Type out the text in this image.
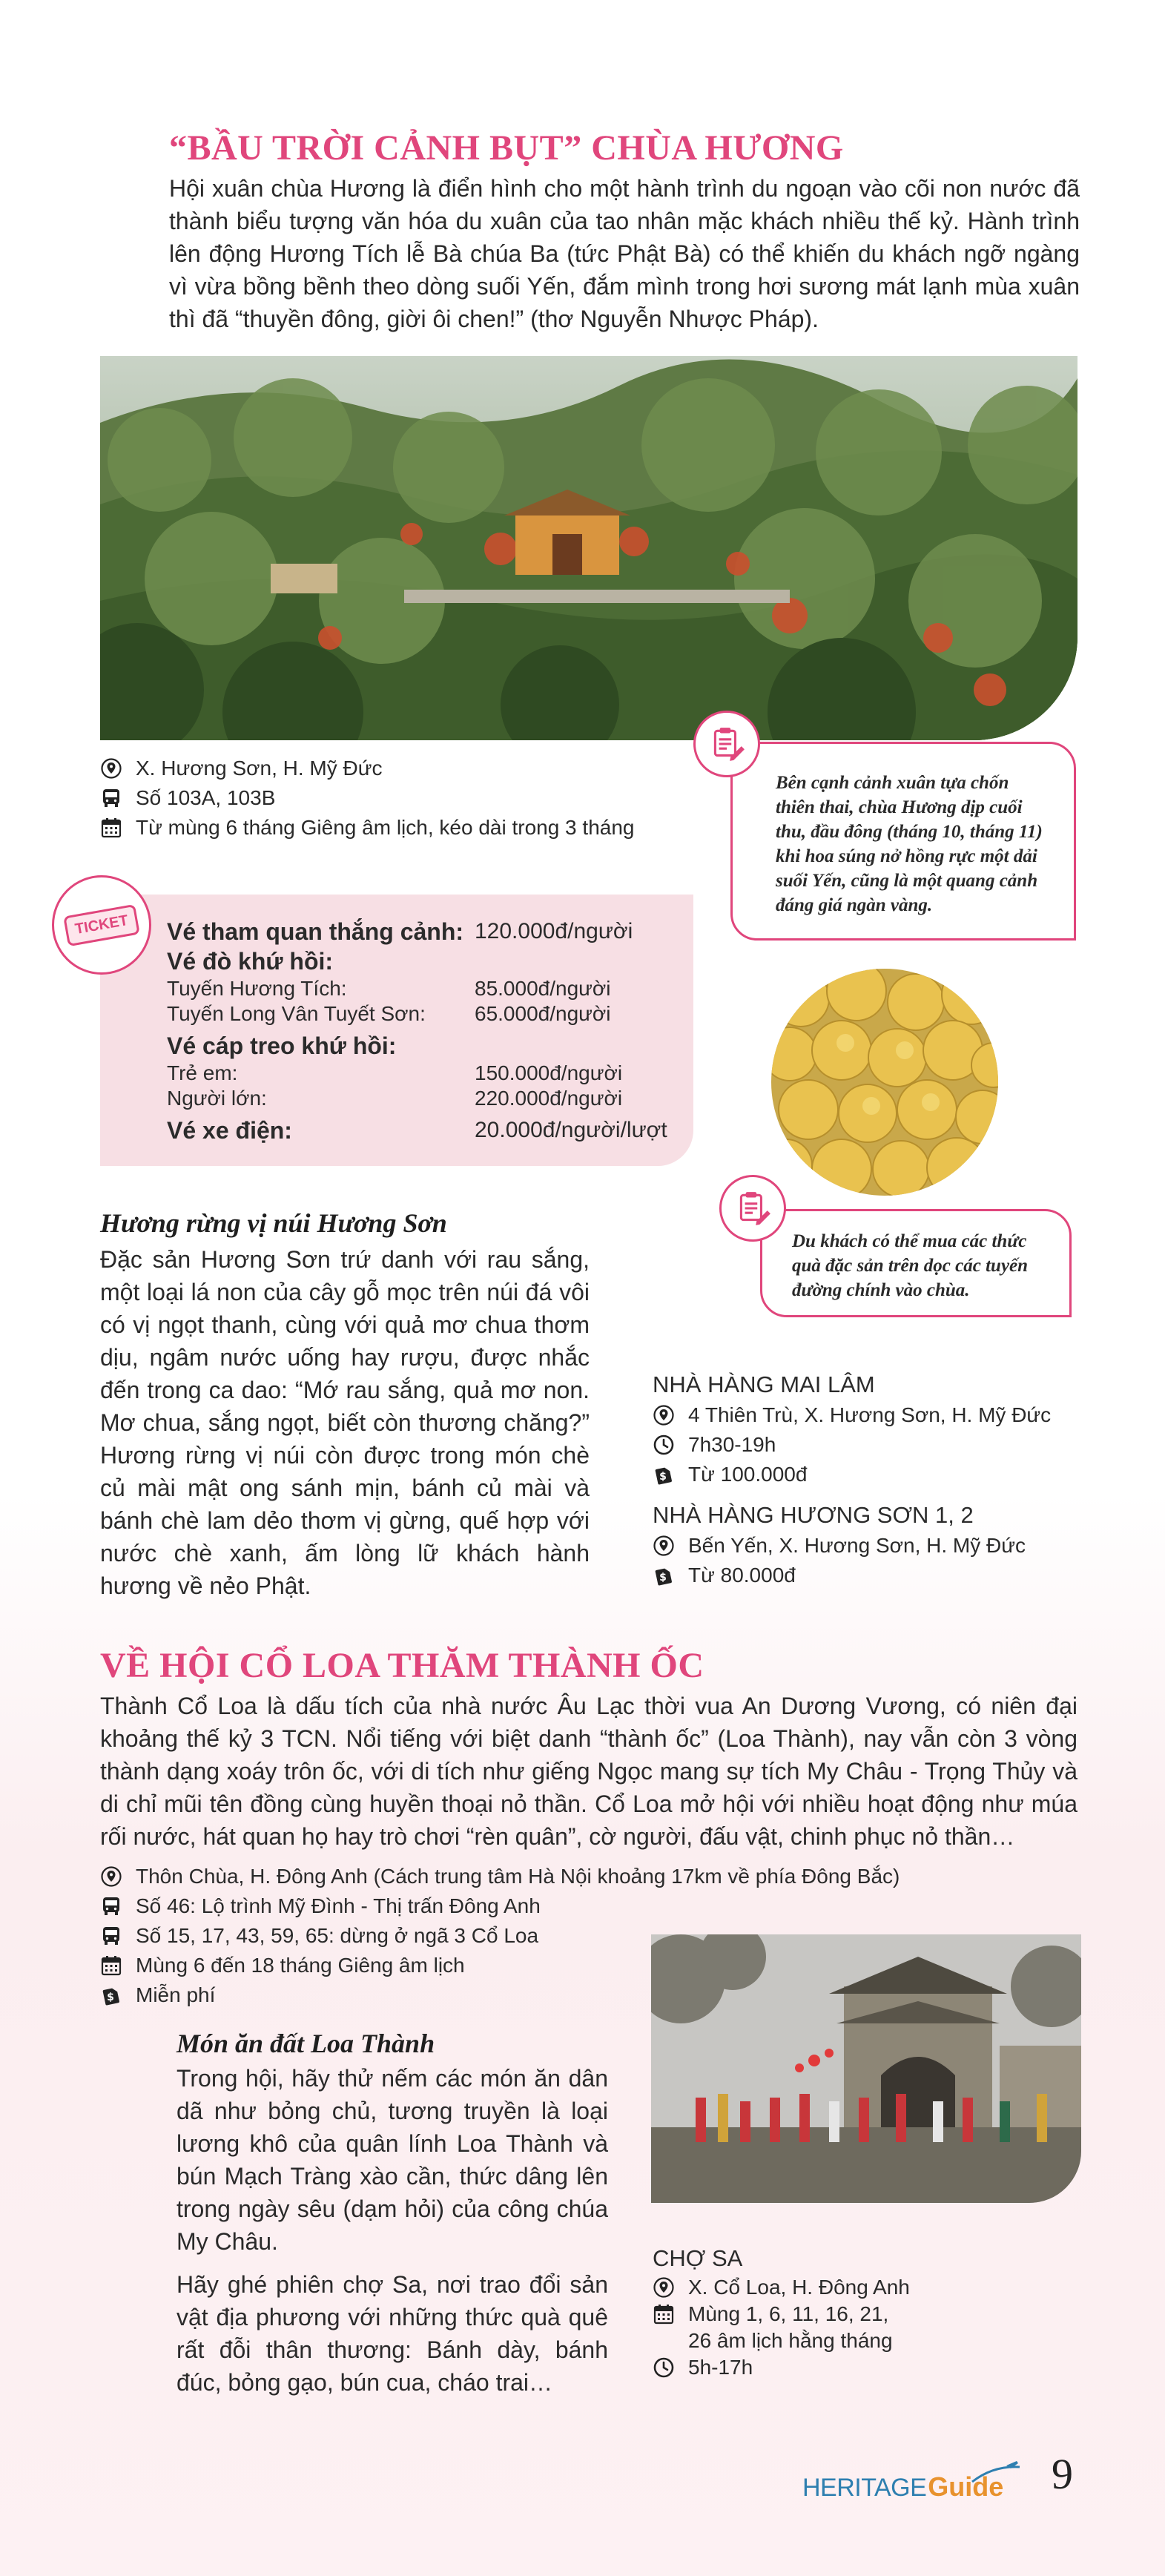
“BẦU TRỜI CẢNH BỤT” CHÙA HƯƠNG

Hội xuân chùa Hương là điển hình cho một hành trình du ngoạn vào cõi non nước đã thành biểu tượng văn hóa du xuân của tao nhân mặc khách nhiều thế kỷ. Hành trình lên động Hương Tích lễ Bà chúa Ba (tức Phật Bà) có thể khiến du khách ngỡ ngàng vì vừa bồng bềnh theo dòng suối Yến, đắm mình trong hơi sương mát lạnh mùa xuân thì đã “thuyền đông, giời ôi chen!” (thơ Nguyễn Nhược Pháp).

X. Hương Sơn, H. Mỹ Đức
Số 103A, 103B
Từ mùng 6 tháng Giêng âm lịch, kéo dài trong 3 tháng
Bên cạnh cảnh xuân tựa chốn thiên thai, chùa Hương dịp cuối thu, đầu đông (tháng 10, tháng 11) khi hoa súng nở hồng rực một dải suối Yến, cũng là một quang cảnh đáng giá ngàn vàng.
Vé tham quan thắng cảnh: 120.000đ/người
Vé đò khứ hồi:
Tuyến Hương Tích:	85.000đ/người
Tuyến Long Vân Tuyết Sơn:	65.000đ/người
Vé cáp treo khứ hồi:
Trẻ em:	150.000đ/người
Người lớn:	220.000đ/người
Vé xe điện:	20.000đ/người/lượt
TICKET
Du khách có thể mua các thức quà đặc sản trên dọc các tuyến đường chính vào chùa.
Hương rừng vị núi Hương Sơn

Đặc sản Hương Sơn trứ danh với rau sắng, một loại lá non của cây gỗ mọc trên núi đá vôi có vị ngọt thanh, cùng với quả mơ chua thơm dịu, ngâm nước uống hay rượu, được nhắc đến trong ca dao: “Mớ rau sắng, quả mơ non. Mơ chua, sắng ngọt, biết còn thương chăng?” Hương rừng vị núi còn được trong món chè củ mài mật ong sánh mịn, bánh củ mài và bánh chè lam dẻo thơm vị gừng, quế hợp với nước chè xanh, ấm lòng lữ khách hành hương về nẻo Phật.

NHÀ HÀNG MAI LÂM
4 Thiên Trù, X. Hương Sơn, H. Mỹ Đức
7h30-19h
Từ 100.000đ
NHÀ HÀNG HƯƠNG SƠN 1, 2
Bến Yến, X. Hương Sơn, H. Mỹ Đức
Từ 80.000đ
VỀ HỘI CỔ LOA THĂM THÀNH ỐC

Thành Cổ Loa là dấu tích của nhà nước Âu Lạc thời vua An Dương Vương, có niên đại khoảng thế kỷ 3 TCN. Nổi tiếng với biệt danh “thành ốc” (Loa Thành), nay vẫn còn 3 vòng thành dạng xoáy trôn ốc, với di tích như giếng Ngọc mang sự tích My Châu - Trọng Thủy và di chỉ mũi tên đồng cùng huyền thoại nỏ thần. Cổ Loa mở hội với nhiều hoạt động như múa rối nước, hát quan họ hay trò chơi “rèn quân”, cờ người, đấu vật, chinh phục nỏ thần…

Thôn Chùa, H. Đông Anh (Cách trung tâm Hà Nội khoảng 17km về phía Đông Bắc)
Số 46: Lộ trình Mỹ Đình - Thị trấn Đông Anh
Số 15, 17, 43, 59, 65: dừng ở ngã 3 Cổ Loa
Mùng 6 đến 18 tháng Giêng âm lịch
Miễn phí
Món ăn đất Loa Thành

Trong hội, hãy thử nếm các món ăn dân dã như bỏng chủ, tương truyền là loại lương khô của quân lính Loa Thành và bún Mạch Tràng xào cần, thức dâng lên trong ngày sêu (dạm hỏi) của công chúa My Châu.

Hãy ghé phiên chợ Sa, nơi trao đổi sản vật địa phương với những thức quà quê rất đỗi thân thương: Bánh dày, bánh đúc, bỏng gạo, bún cua, cháo trai…

CHỢ SA
X. Cổ Loa, H. Đông Anh
Mùng 1, 6, 11, 16, 21,
26 âm lịch hằng tháng
5h-17h
HERITAGE Guide 9
